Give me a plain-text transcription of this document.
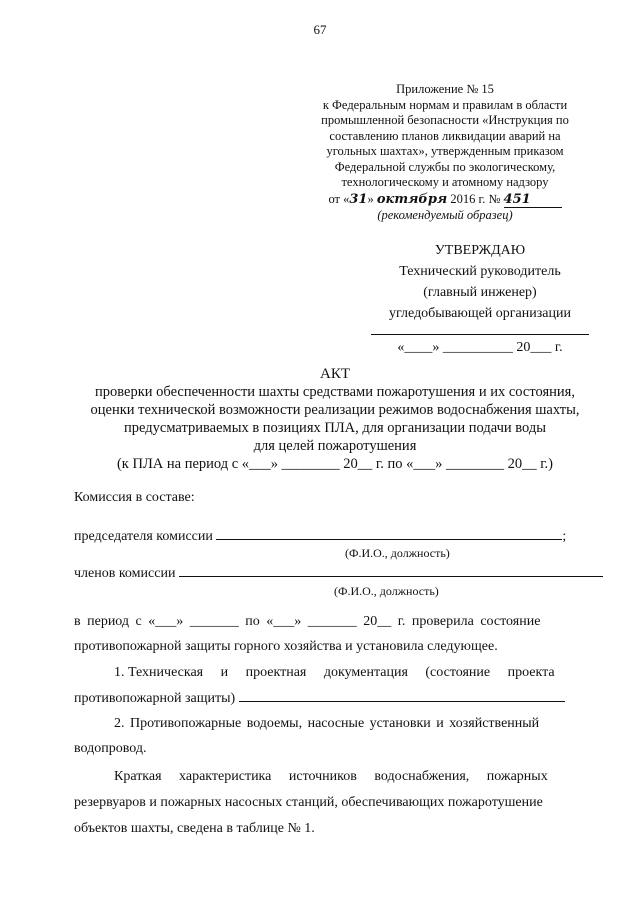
67
Приложение № 15
к Федеральным нормам и правилам в области
промышленной безопасности «Инструкция по
составлению планов ликвидации аварий на
угольных шахтах», утвержденным приказом
Федеральной службы по экологическому,
технологическому и атомному надзору
от «31» октября 2016 г. № 451
(рекомендуемый образец)
УТВЕРЖДАЮ
Технический руководитель
(главный инженер)
угледобывающей организации
«____» __________ 20___ г.
АКТ
проверки обеспеченности шахты средствами пожаротушения и их состояния,
оценки технической возможности реализации режимов водоснабжения шахты,
предусматриваемых в позициях ПЛА, для организации подачи воды
для целей пожаротушения
(к ПЛА на период с «___» ________ 20__ г. по «___» ________ 20__ г.)
Комиссия в составе:
председателя комиссии	;
(Ф.И.О., должность)
членов комиссии
(Ф.И.О., должность)
в период с «___» _______ по «___» _______ 20__ г. проверила состояние
противопожарной защиты горного хозяйства и установила следующее.
1. Техническая     и     проектная     документация     (состояние     проекта
противопожарной защиты)
2. Противопожарные водоемы, насосные установки и хозяйственный
водопровод.
Краткая     характеристика     источников     водоснабжения,     пожарных
резервуаров и пожарных насосных станций, обеспечивающих пожаротушение
объектов шахты, сведена в таблице № 1.
